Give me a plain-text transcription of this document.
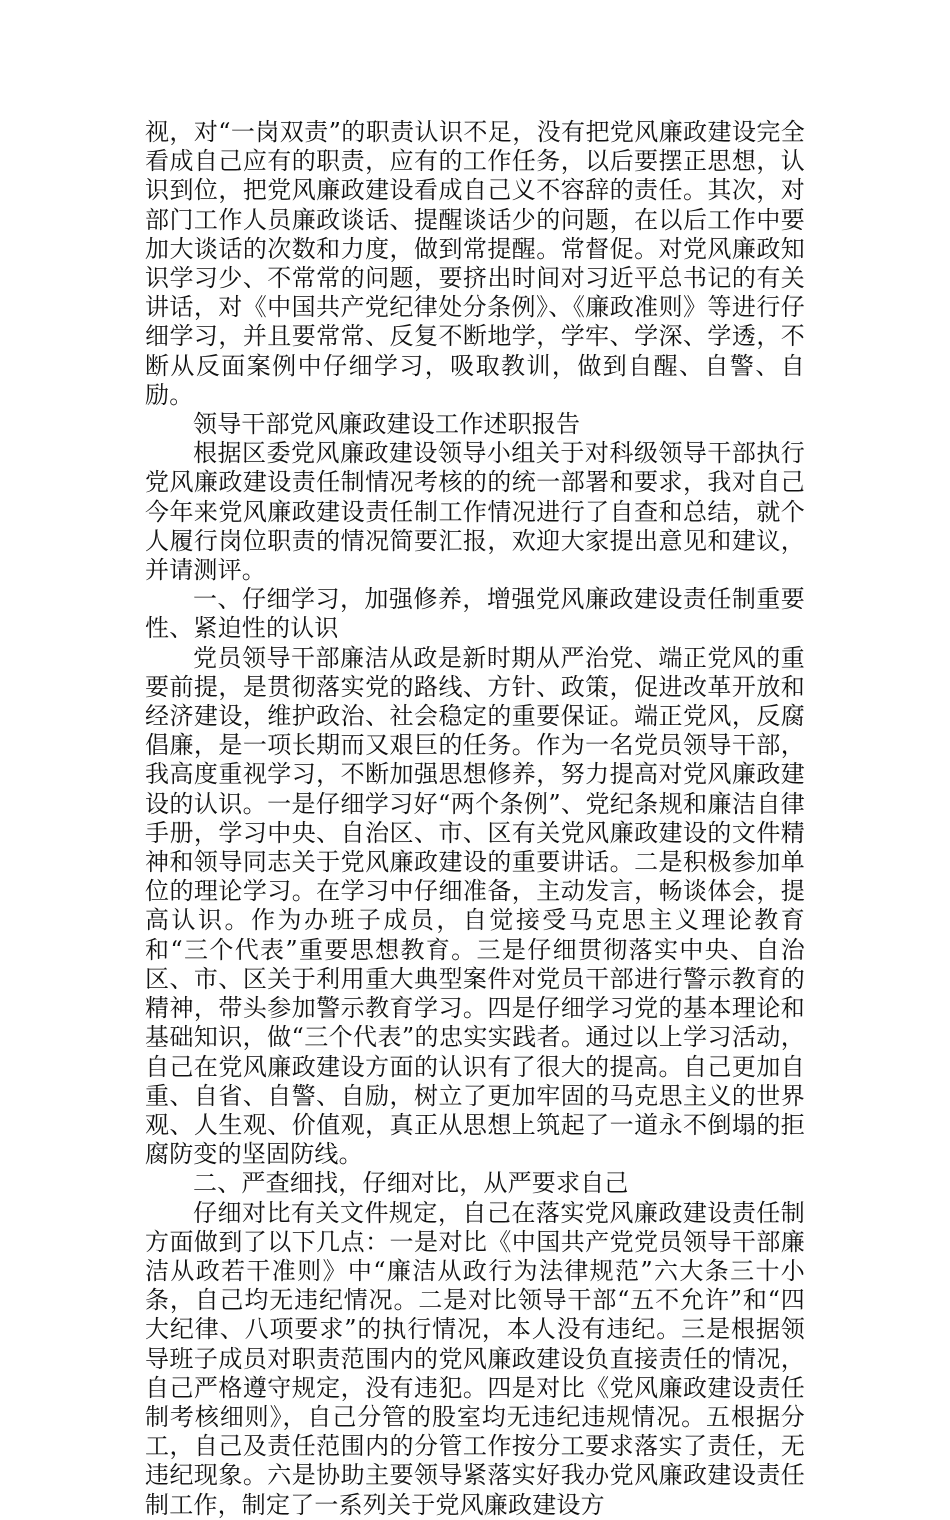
视，对“一岗双责”的职责认识不足，没有把党风廉政建设完全看成自己应有的职责，应有的工作任务，以后要摆正思想，认识到位，把党风廉政建设看成自己义不容辞的责任。其次，对部门工作人员廉政谈话、提醒谈话少的问题，在以后工作中要加大谈话的次数和力度，做到常提醒。常督促。对党风廉政知识学习少、不常常的问题，要挤出时间对习近平总书记的有关讲话，对《中国共产党纪律处分条例》、《廉政准则》等进行仔细学习，并且要常常、反复不断地学，学牢、学深、学透，不断从反面案例中仔细学习，吸取教训，做到自醒、自警、自励。

领导干部党风廉政建设工作述职报告

根据区委党风廉政建设领导小组关于对科级领导干部执行党风廉政建设责任制情况考核的的统一部署和要求，我对自己今年来党风廉政建设责任制工作情况进行了自查和总结，就个人履行岗位职责的情况简要汇报，欢迎大家提出意见和建议，并请测评。

一、仔细学习，加强修养，增强党风廉政建设责任制重要性、紧迫性的认识

党员领导干部廉洁从政是新时期从严治党、端正党风的重要前提，是贯彻落实党的路线、方针、政策，促进改革开放和经济建设，维护政治、社会稳定的重要保证。端正党风，反腐倡廉，是一项长期而又艰巨的任务。作为一名党员领导干部，我高度重视学习，不断加强思想修养，努力提高对党风廉政建设的认识。一是仔细学习好“两个条例”、党纪条规和廉洁自律手册，学习中央、自治区、市、区有关党风廉政建设的文件精神和领导同志关于党风廉政建设的重要讲话。二是积极参加单位的理论学习。在学习中仔细准备，主动发言，畅谈体会，提高认识。作为办班子成员，自觉接受马克思主义理论教育和“三个代表”重要思想教育。三是仔细贯彻落实中央、自治区、市、区关于利用重大典型案件对党员干部进行警示教育的精神，带头参加警示教育学习。四是仔细学习党的基本理论和基础知识，做“三个代表”的忠实实践者。通过以上学习活动，自己在党风廉政建设方面的认识有了很大的提高。自己更加自重、自省、自警、自励，树立了更加牢固的马克思主义的世界观、人生观、价值观，真正从思想上筑起了一道永不倒塌的拒腐防变的坚固防线。

二、严查细找，仔细对比，从严要求自己

仔细对比有关文件规定，自己在落实党风廉政建设责任制方面做到了以下几点：一是对比《中国共产党党员领导干部廉洁从政若干准则》中“廉洁从政行为法律规范”六大条三十小条，自己均无违纪情况。二是对比领导干部“五不允许”和“四大纪律、八项要求”的执行情况，本人没有违纪。三是根据领导班子成员对职责范围内的党风廉政建设负直接责任的情况，自己严格遵守规定，没有违犯。四是对比《党风廉政建设责任制考核细则》，自己分管的股室均无违纪违规情况。五根据分工，自己及责任范围内的分管工作按分工要求落实了责任，无违纪现象。六是协助主要领导紧落实好我办党风廉政建设责任制工作，制定了一系列关于党风廉政建设方
